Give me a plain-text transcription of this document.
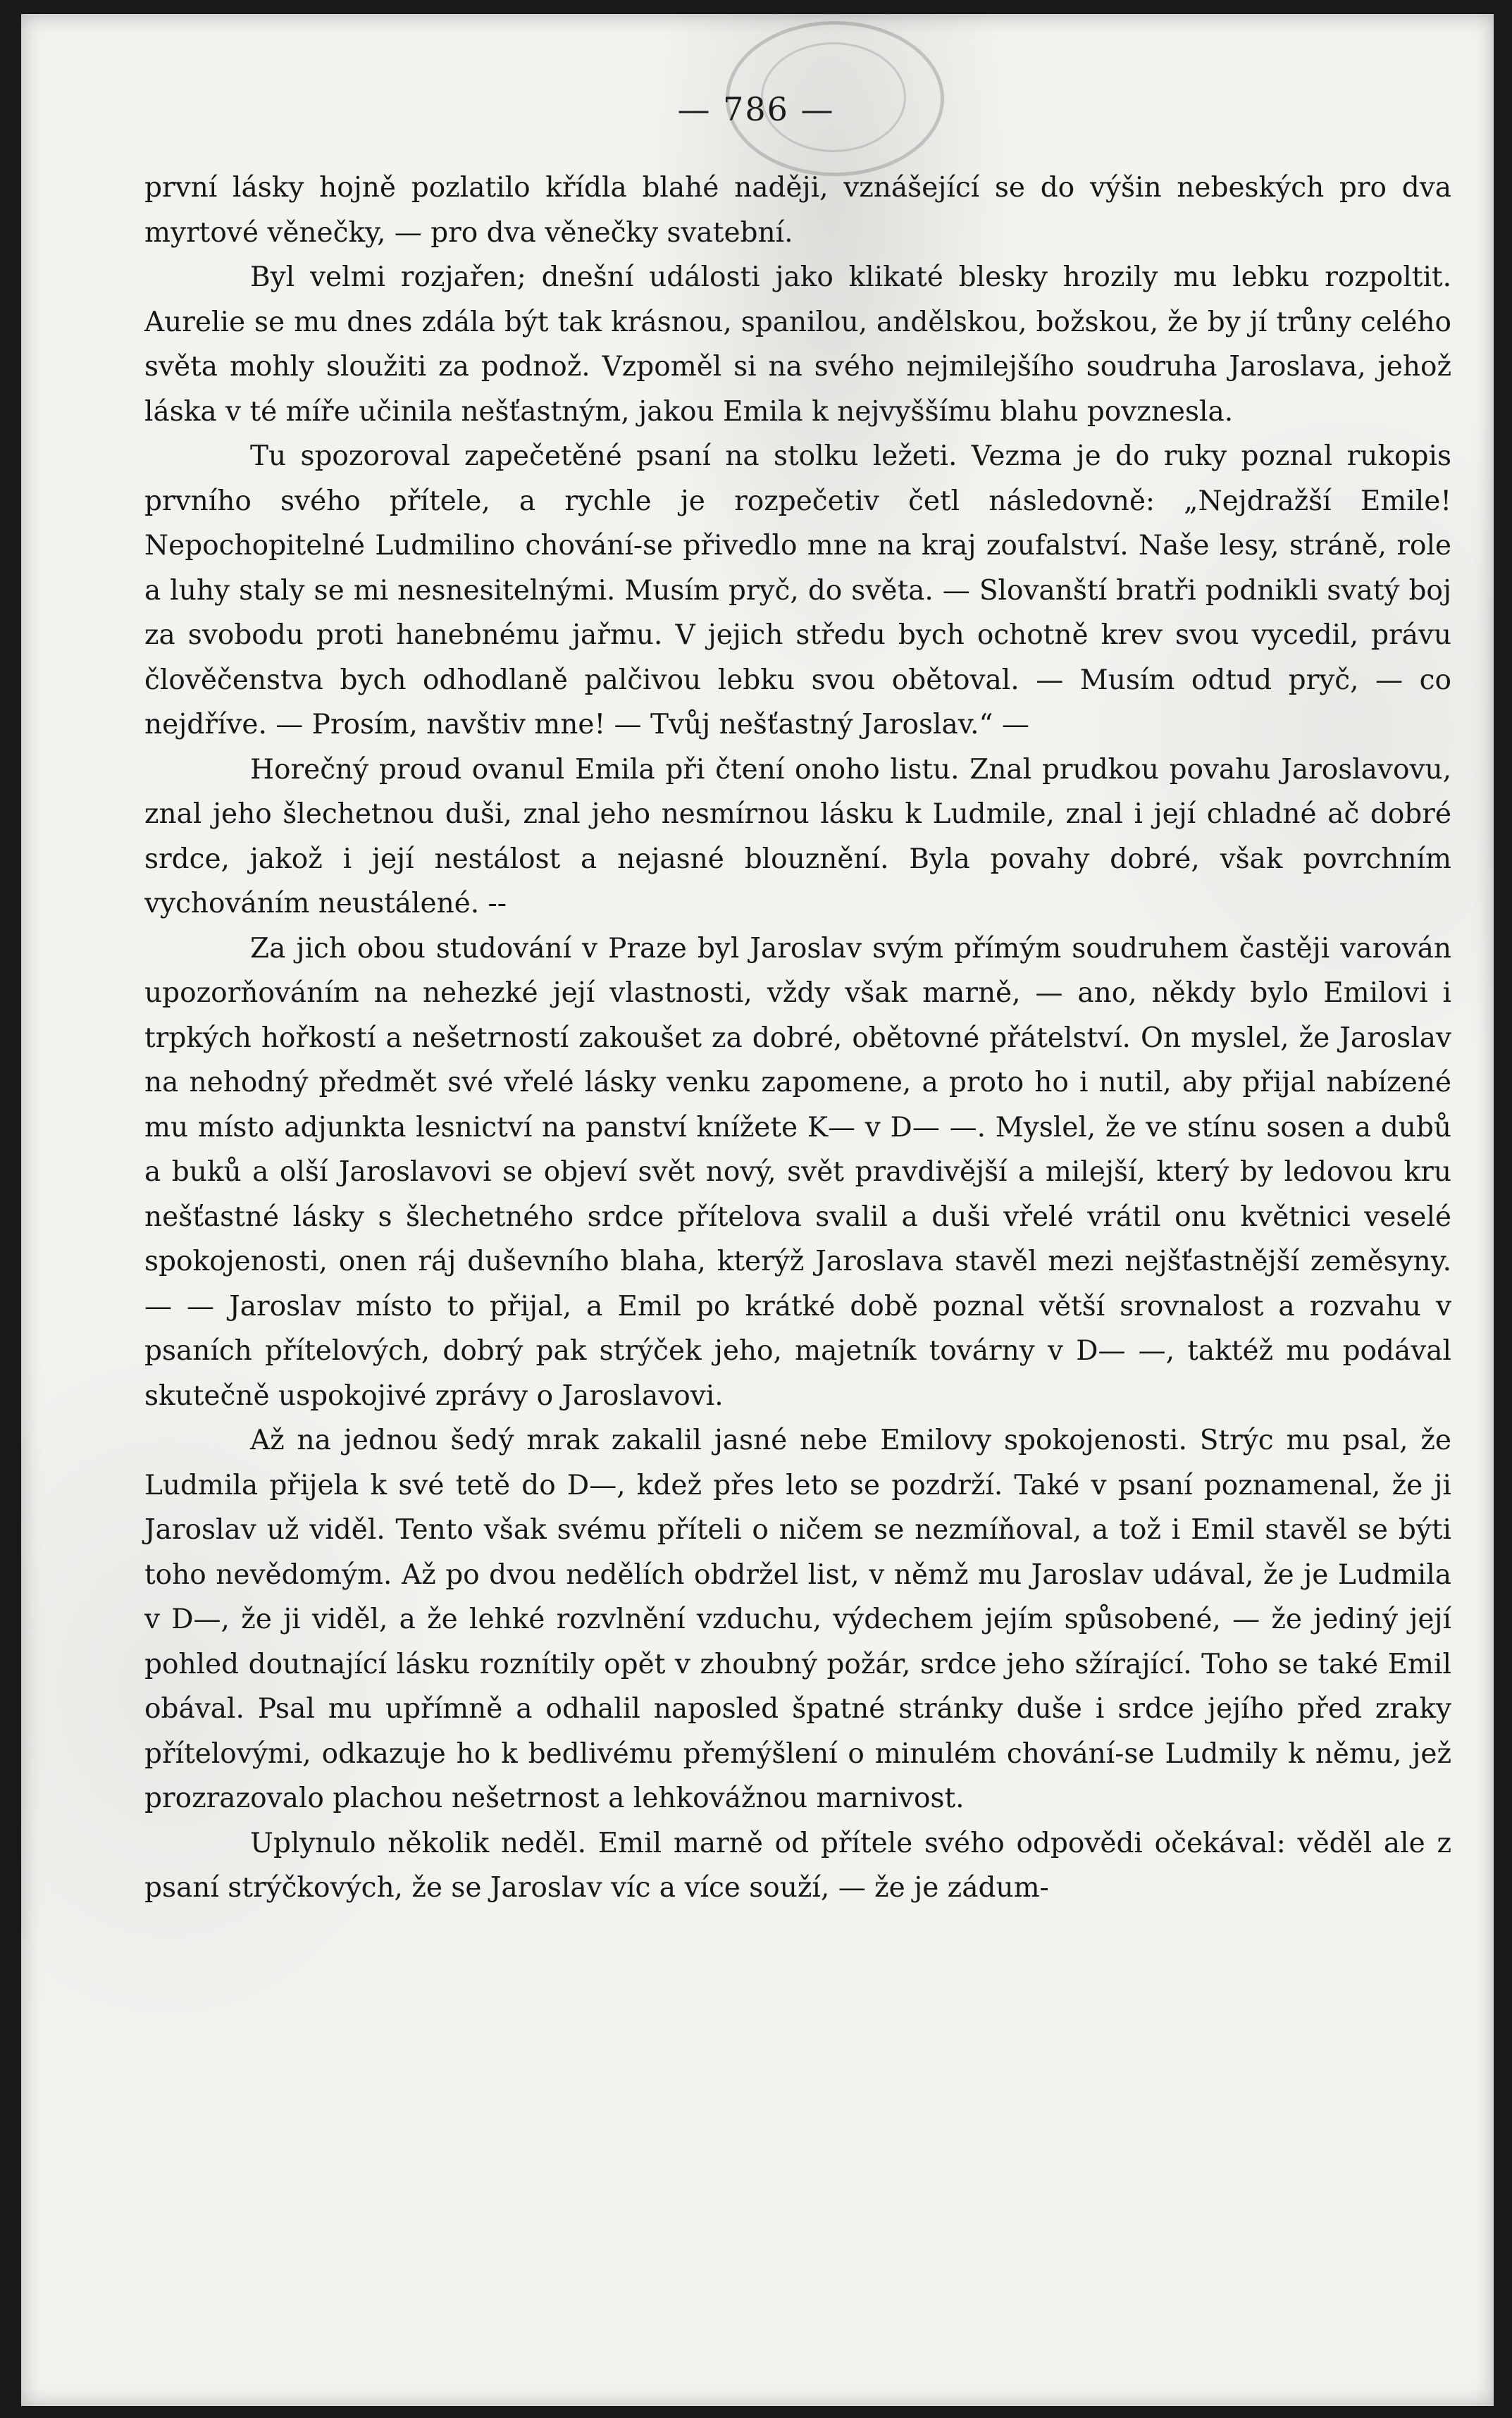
— 786 —

první lásky hojně pozlatilo křídla blahé naději, vznášející se do výšin nebeských pro dva myrtové věnečky, — pro dva věnečky svatební.

Byl velmi rozjařen; dnešní události jako klikaté blesky hrozily mu lebku rozpoltit. Aurelie se mu dnes zdála být tak krásnou, spanilou, andělskou, božskou, že by jí trůny celého světa mohly sloužiti za podnož. Vzpoměl si na svého nejmilejšího soudruha Jaroslava, jehož láska v té míře učinila nešťastným, jakou Emila k nejvyššímu blahu povznesla.

Tu spozoroval zapečetěné psaní na stolku ležeti. Vezma je do ruky poznal rukopis prvního svého přítele, a rychle je rozpečetiv četl následovně: „Nejdražší Emile! Nepochopitelné Ludmilino chování-se přivedlo mne na kraj zoufalství. Naše lesy, stráně, role a luhy staly se mi nesnesitelnými. Musím pryč, do světa. — Slovanští bratři podnikli svatý boj za svobodu proti hanebnému jařmu. V jejich středu bych ochotně krev svou vycedil, právu člověčenstva bych odhodlaně palčivou lebku svou obětoval. — Musím odtud pryč, — co nejdříve. — Prosím, navštiv mne! — Tvůj nešťastný Jaroslav.“ —

Horečný proud ovanul Emila při čtení onoho listu. Znal prudkou povahu Jaroslavovu, znal jeho šlechetnou duši, znal jeho nesmírnou lásku k Ludmile, znal i její chladné ač dobré srdce, jakož i její nestálost a nejasné blouznění. Byla povahy dobré, však povrchním vychováním neustálené. --

Za jich obou studování v Praze byl Jaroslav svým přímým soudruhem častěji varován upozorňováním na nehezké její vlastnosti, vždy však marně, — ano, někdy bylo Emilovi i trpkých hořkostí a nešetrností zakoušet za dobré, obětovné přátelství. On myslel, že Jaroslav na nehodný předmět své vřelé lásky venku zapomene, a proto ho i nutil, aby přijal nabízené mu místo adjunkta lesnictví na panství knížete K— v D— —. Myslel, že ve stínu sosen a dubů a buků a olší Jaroslavovi se objeví svět nový, svět pravdivější a milejší, který by ledovou kru nešťastné lásky s šlechetného srdce přítelova svalil a duši vřelé vrátil onu květnici veselé spokojenosti, onen ráj duševního blaha, kterýž Jaroslava stavěl mezi nejšťastnější zeměsyny. — — Jaroslav místo to přijal, a Emil po krátké době poznal větší srovnalost a rozvahu v psaních přítelových, dobrý pak strýček jeho, majetník továrny v D— —, taktéž mu podával skutečně uspokojivé zprávy o Jaroslavovi.

Až na jednou šedý mrak zakalil jasné nebe Emilovy spokojenosti. Strýc mu psal, že Ludmila přijela k své tetě do D—, kdež přes leto se pozdrží. Také v psaní poznamenal, že ji Jaroslav už viděl. Tento však svému příteli o ničem se nezmíňoval, a tož i Emil stavěl se býti toho nevědomým. Až po dvou nedělích obdržel list, v němž mu Jaroslav udával, že je Ludmila v D—, že ji viděl, a že lehké rozvlnění vzduchu, výdechem jejím spůsobené, — že jediný její pohled doutnající lásku roznítily opět v zhoubný požár, srdce jeho sžírající. Toho se také Emil obával. Psal mu upřímně a odhalil naposled špatné stránky duše i srdce jejího před zraky přítelovými, odkazuje ho k bedlivému přemýšlení o minulém chování-se Ludmily k němu, jež prozrazovalo plachou nešetrnost a lehkovážnou marnivost.

Uplynulo několik neděl. Emil marně od přítele svého odpovědi očekával: věděl ale z psaní strýčkových, že se Jaroslav víc a více souží, — že je zádum-
